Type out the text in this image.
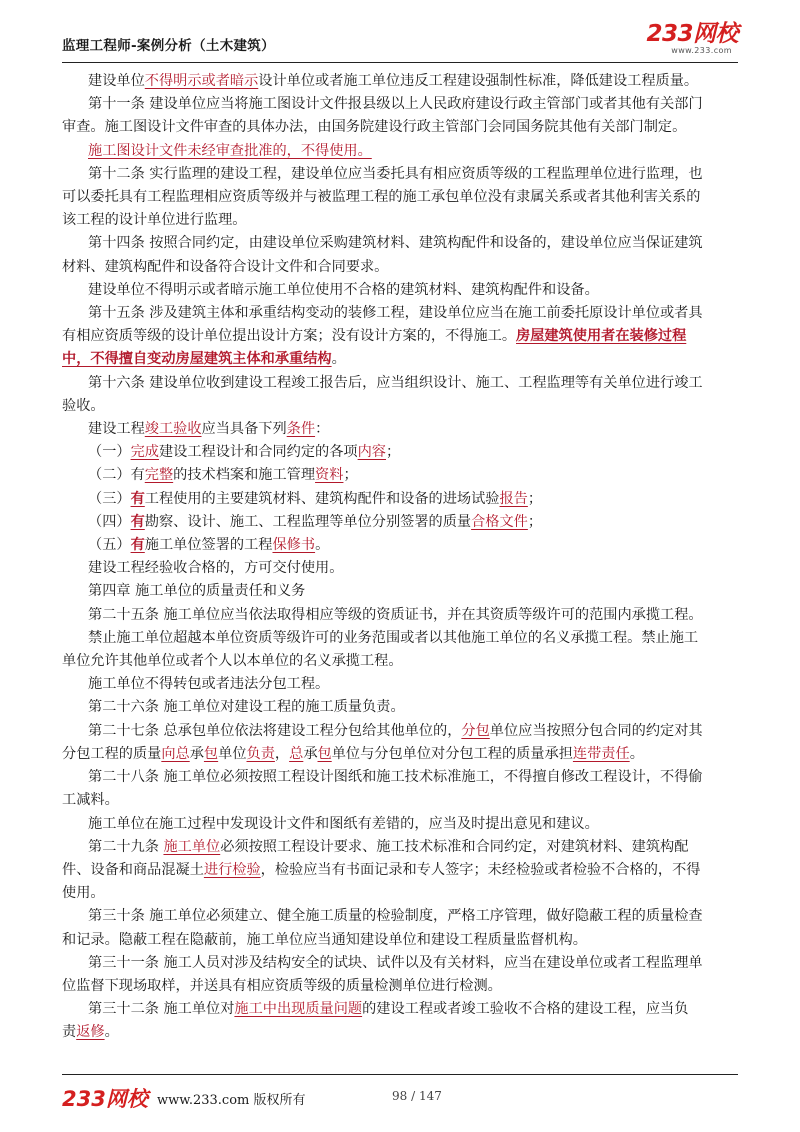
监理工程师-案例分析（土木建筑）	233网校
www.233.com
建设单位不得明示或者暗示设计单位或者施工单位违反工程建设强制性标准，降低建设工程质量。
第十一条 建设单位应当将施工图设计文件报县级以上人民政府建设行政主管部门或者其他有关部门
审查。施工图设计文件审查的具体办法，由国务院建设行政主管部门会同国务院其他有关部门制定。
施工图设计文件未经审查批准的，不得使用。
第十二条 实行监理的建设工程，建设单位应当委托具有相应资质等级的工程监理单位进行监理，也
可以委托具有工程监理相应资质等级并与被监理工程的施工承包单位没有隶属关系或者其他利害关系的
该工程的设计单位进行监理。
第十四条 按照合同约定，由建设单位采购建筑材料、建筑构配件和设备的，建设单位应当保证建筑
材料、建筑构配件和设备符合设计文件和合同要求。
建设单位不得明示或者暗示施工单位使用不合格的建筑材料、建筑构配件和设备。
第十五条 涉及建筑主体和承重结构变动的装修工程，建设单位应当在施工前委托原设计单位或者具
有相应资质等级的设计单位提出设计方案；没有设计方案的，不得施工。房屋建筑使用者在装修过程
中，不得擅自变动房屋建筑主体和承重结构。
第十六条 建设单位收到建设工程竣工报告后，应当组织设计、施工、工程监理等有关单位进行竣工
验收。
建设工程竣工验收应当具备下列条件：
（一）完成建设工程设计和合同约定的各项内容；
（二）有完整的技术档案和施工管理资料；
（三）有工程使用的主要建筑材料、建筑构配件和设备的进场试验报告；
（四）有勘察、设计、施工、工程监理等单位分别签署的质量合格文件；
（五）有施工单位签署的工程保修书。
建设工程经验收合格的，方可交付使用。
第四章 施工单位的质量责任和义务
第二十五条 施工单位应当依法取得相应等级的资质证书，并在其资质等级许可的范围内承揽工程。
禁止施工单位超越本单位资质等级许可的业务范围或者以其他施工单位的名义承揽工程。禁止施工
单位允许其他单位或者个人以本单位的名义承揽工程。
施工单位不得转包或者违法分包工程。
第二十六条 施工单位对建设工程的施工质量负责。
第二十七条 总承包单位依法将建设工程分包给其他单位的，分包单位应当按照分包合同的约定对其
分包工程的质量向总承包单位负责，总承包单位与分包单位对分包工程的质量承担连带责任。
第二十八条 施工单位必须按照工程设计图纸和施工技术标准施工，不得擅自修改工程设计，不得偷
工减料。
施工单位在施工过程中发现设计文件和图纸有差错的，应当及时提出意见和建议。
第二十九条 施工单位必须按照工程设计要求、施工技术标准和合同约定，对建筑材料、建筑构配
件、设备和商品混凝土进行检验，检验应当有书面记录和专人签字；未经检验或者检验不合格的，不得
使用。
第三十条 施工单位必须建立、健全施工质量的检验制度，严格工序管理，做好隐蔽工程的质量检查
和记录。隐蔽工程在隐蔽前，施工单位应当通知建设单位和建设工程质量监督机构。
第三十一条 施工人员对涉及结构安全的试块、试件以及有关材料，应当在建设单位或者工程监理单
位监督下现场取样，并送具有相应资质等级的质量检测单位进行检测。
第三十二条 施工单位对施工中出现质量问题的建设工程或者竣工验收不合格的建设工程，应当负
责返修。
233网校 www.233.com 版权所有	98 / 147
